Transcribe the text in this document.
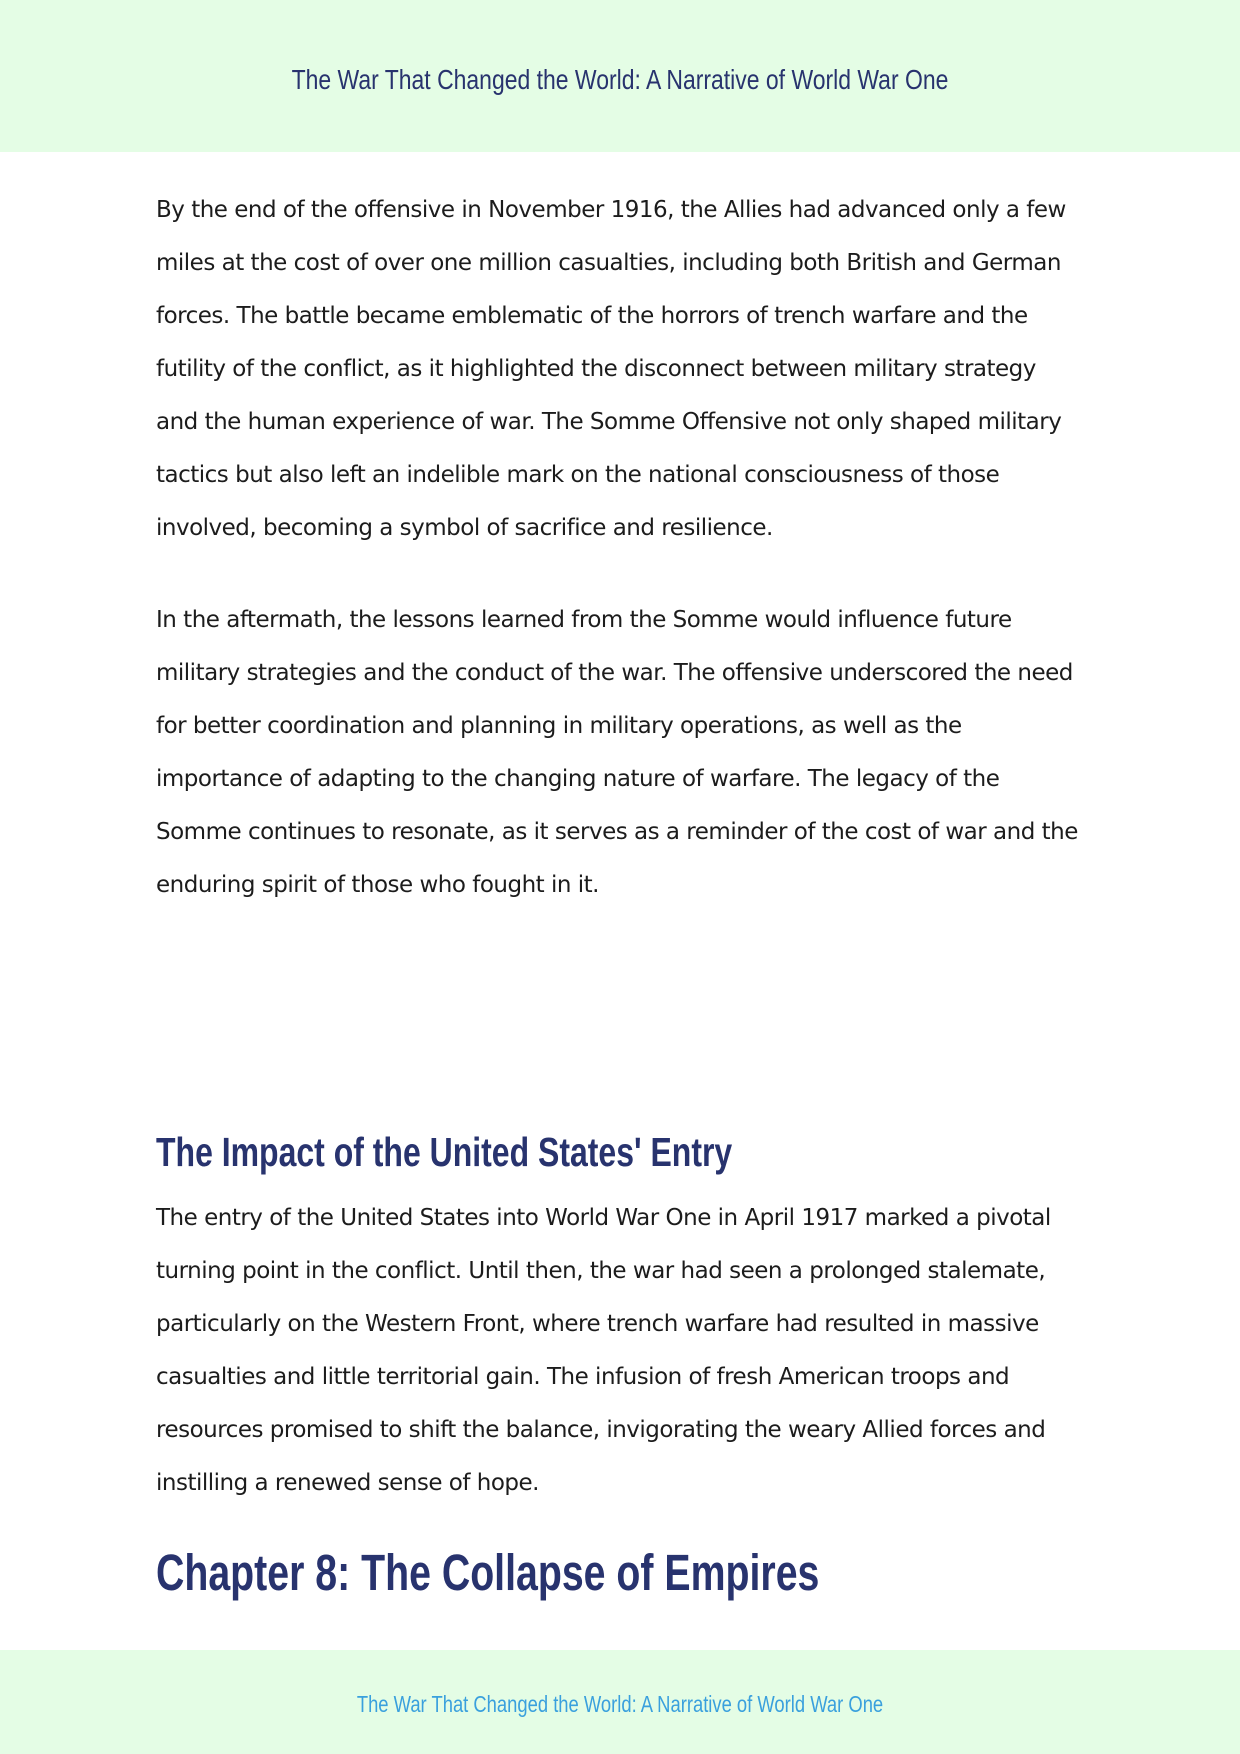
The War That Changed the World: A Narrative of World War One

By the end of the offensive in November 1916, the Allies had advanced only a few miles at the cost of over one million casualties, including both British and German forces. The battle became emblematic of the horrors of trench warfare and the futility of the conflict, as it highlighted the disconnect between military strategy and the human experience of war. The Somme Offensive not only shaped military tactics but also left an indelible mark on the national consciousness of those involved, becoming a symbol of sacrifice and resilience.

In the aftermath, the lessons learned from the Somme would influence future military strategies and the conduct of the war. The offensive underscored the need for better coordination and planning in military operations, as well as the importance of adapting to the changing nature of warfare. The legacy of the Somme continues to resonate, as it serves as a reminder of the cost of war and the enduring spirit of those who fought in it.

The Impact of the United States' Entry

The entry of the United States into World War One in April 1917 marked a pivotal turning point in the conflict. Until then, the war had seen a prolonged stalemate, particularly on the Western Front, where trench warfare had resulted in massive casualties and little territorial gain. The infusion of fresh American troops and resources promised to shift the balance, invigorating the weary Allied forces and instilling a renewed sense of hope.

Chapter 8: The Collapse of Empires
The War That Changed the World: A Narrative of World War One
